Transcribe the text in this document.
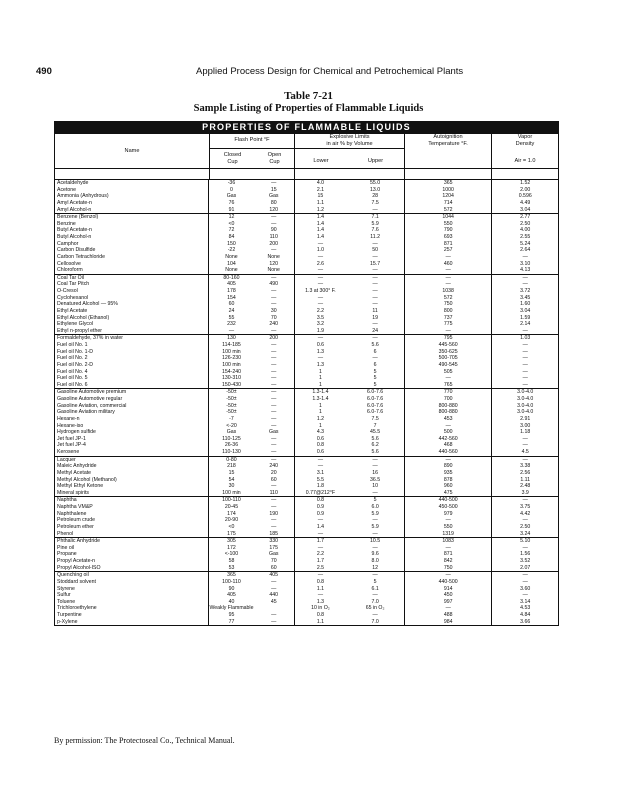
490	Applied Process Design for Chemical and Petrochemical Plants
Table 7-21
Sample Listing of Properties of Flammable Liquids
PROPERTIES OF FLAMMABLE LIQUIDS
Name
Flash Point °F
Closed
Cup
Open
Cup
Explosive Limits
in air % by Volume
Lower	Upper
Autoignition
Temperature °F.
Vapor
Density
Air = 1.0
Acetaldehyde	-36	—	4.0	55.0	365	1.52
Acetone	0	15	2.1	13.0	1000	2.00
Ammonia (Anhydrous)	Gas	Gas	15	28	1204	0.596
Amyl Acetate-n	76	80	1.1	7.5	714	4.49
Amyl Alcohol-n	91	120	1.2	—	572	3.04
Benzene (Benzol)	12	—	1.4	7.1	1044	2.77
Benzine	<0	—	1.4	5.9	550	2.50
Butyl Acetate-n	72	90	1.4	7.6	790	4.00
Butyl Alcohol-n	84	110	1.4	11.2	693	2.55
Camphor	150	200	—	—	871	5.24
Carbon Disulfide	-22	—	1.0	50	257	2.64
Carbon Tetrachloride	None	None	—	—	—	—
Cellosolve	104	120	2.6	15.7	460	3.10
Chloroform	None	None	—	—	—	4.13
Coal Tar Oil	80-160	—	—	—	—	—
Coal Tar Pitch	405	490	—	—	—	—
O-Cresol	178	—	1.3 at 300° F.	—	1038	3.72
Cyclohexanol	154	—	—	—	572	3.45
Denatured Alcohol — 95%	60	—	—	—	750	1.60
Ethyl Acetate	24	30	2.2	11	800	3.04
Ethyl Alcohol (Ethanol)	55	70	3.5	19	737	1.59
Ethylene Glycol	232	240	3.2	—	775	2.14
Ethyl n-propyl ether	—	—	1.9	24	—	—
Formaldehyde, 37% in water	130	200	—	—	795	1.03
Fuel oil No. 1	114-185	—	0.6	5.6	445-560	—
Fuel oil No. 1-D	100 min	—	1.3	6	350-625	—
Fuel oil No. 2	126-230	—	—	—	500-705	—
Fuel oil No. 2-D	100 min	—	1.3	6	490-545	—
Fuel oil No. 4	154-240	—	1	5	505	—
Fuel oil No. 5	130-310	—	1	5	—	—
Fuel oil No. 6	150-430	—	1	5	765	—
Gasoline Automotive premium	-50±	—	1.3-1.4	6.0-7.6	770	3.0-4.0
Gasoline Automotive regular	-50±	—	1.3-1.4	6.0-7.6	700	3.0-4.0
Gasoline Aviation, commercial	-50±	—	1	6.0-7.6	800-880	3.0-4.0
Gasoline Aviation military	-50±	—	1	6.0-7.6	800-880	3.0-4.0
Hexane-n	-7	—	1.2	7.5	453	2.91
Hexane-iso	<-20	—	1	7	—	3.00
Hydrogen sulfide	Gas	Gas	4.3	45.5	500	1.18
Jet fuel JP-1	110-125	—	0.6	5.6	442-560	—
Jet fuel JP-4	26-36	—	0.8	6.2	468	—
Kerosene	110-130	—	0.6	5.6	440-560	4.5
Lacquer	0-80	—	—	—	—	—
Maleic Anhydride	218	240	—	—	890	3.38
Methyl Acetate	15	20	3.1	16	935	2.56
Methyl Alcohol (Methanol)	54	60	5.5	36.5	878	1.11
Methyl Ethyl Ketone	30	—	1.8	10	960	2.48
Mineral spirits	100 min	110	0.77@212°F	—	475	3.9
Naphtha	100-110	—	0.8	5	440-500	—
Naphtha VM&P	20-45	—	0.9	6.0	450-500	3.75
Naphthalene	174	190	0.9	5.9	979	4.42
Petroleum crude	20-90	—	—	—	—	—
Petroleum ether	<0	—	1.4	5.9	550	2.50
Phenol	175	185	—	—	1319	3.24
Phthalic Anhydride	305	330	1.7	10.5	1083	5.10
Pine oil	172	175	—	—	—	—
Propane	<-100	Gas	2.2	9.6	871	1.56
Propyl Acetate-n	58	70	1.7	8.0	842	3.52
Propyl Alcohol-ISO	53	60	2.5	12	750	2.07
Quenching oil	365	405	—	—	—	—
Stoddard solvent	100-110	—	0.8	5	440-500	—
Styrene	90	—	1.1	6.1	914	3.60
Sulfur	405	440	—	—	450	—
Toluene	40	45	1.3	7.0	997	3.14
Trichloroethylene	Weakly Flammable	10 in O₂	65 in O₂	—	4.53
Turpentine	95	—	0.8	—	488	4.84
p-Xylene	77	—	1.1	7.0	984	3.66
By permission: The Protectoseal Co., Technical Manual.
